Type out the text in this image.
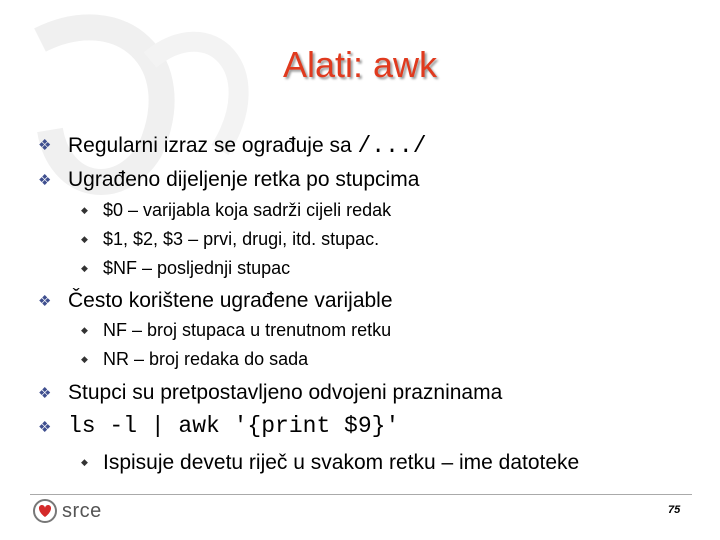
Alati: awk
❖ Regularni izraz se ograđuje sa /.../
❖ Ugrađeno dijeljenje retka po stupcima
◆ $0 – varijabla koja sadrži cijeli redak
◆ $1, $2, $3 – prvi, drugi, itd. stupac.
◆ $NF – posljednji stupac
❖ Često korištene ugrađene varijable
◆ NF – broj stupaca u trenutnom retku
◆ NR – broj redaka do sada
❖ Stupci su pretpostavljeno odvojeni prazninama
❖ ls -l | awk '{print $9}'
◆ Ispisuje devetu riječ u svakom retku – ime datoteke
srce	75
